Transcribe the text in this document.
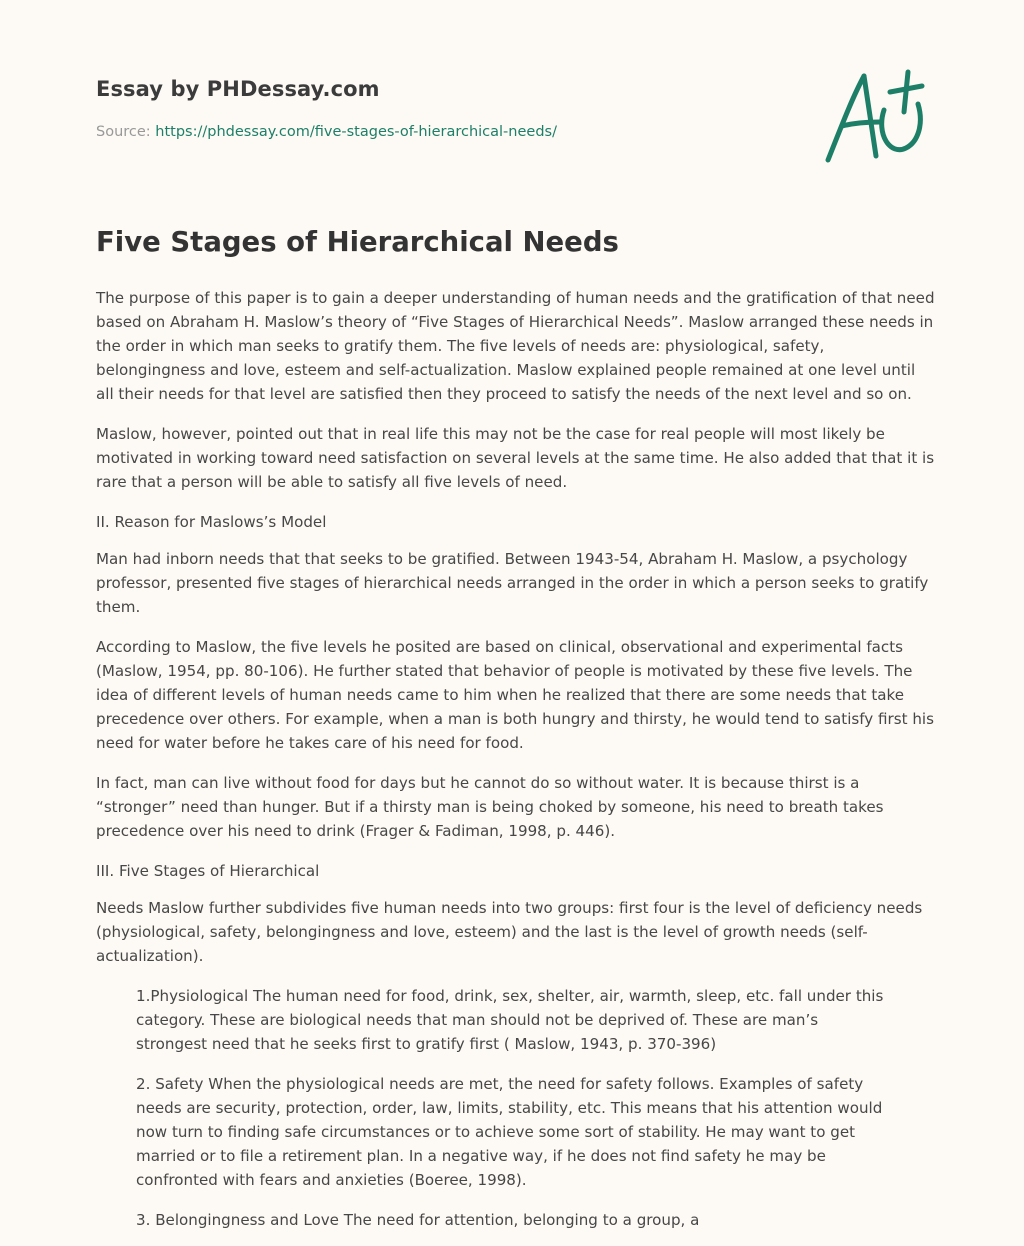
Essay by PHDessay.com
Source: https://phdessay.com/five-stages-of-hierarchical-needs/
Five Stages of Hierarchical Needs

The purpose of this paper is to gain a deeper understanding of human needs and the gratification of that need based on Abraham H. Maslow’s theory of “Five Stages of Hierarchical Needs”. Maslow arranged these needs in the order in which man seeks to gratify them. The five levels of needs are: physiological, safety, belongingness and love, esteem and self-actualization. Maslow explained people remained at one level until all their needs for that level are satisfied then they proceed to satisfy the needs of the next level and so on.

Maslow, however, pointed out that in real life this may not be the case for real people will most likely be motivated in working toward need satisfaction on several levels at the same time. He also added that that it is rare that a person will be able to satisfy all five levels of need.

II. Reason for Maslows’s Model

Man had inborn needs that that seeks to be gratified. Between 1943-54, Abraham H. Maslow, a psychology professor, presented five stages of hierarchical needs arranged in the order in which a person seeks to gratify them.

According to Maslow, the five levels he posited are based on clinical, observational and experimental facts (Maslow, 1954, pp. 80-106). He further stated that behavior of people is motivated by these five levels. The idea of different levels of human needs came to him when he realized that there are some needs that take precedence over others. For example, when a man is both hungry and thirsty, he would tend to satisfy first his need for water before he takes care of his need for food.

In fact, man can live without food for days but he cannot do so without water. It is because thirst is a “stronger” need than hunger. But if a thirsty man is being choked by someone, his need to breath takes precedence over his need to drink (Frager & Fadiman, 1998, p. 446).

III. Five Stages of Hierarchical

Needs Maslow further subdivides five human needs into two groups: first four is the level of deficiency needs (physiological, safety, belongingness and love, esteem) and the last is the level of growth needs (self-actualization).

1.Physiological The human need for food, drink, sex, shelter, air, warmth, sleep, etc. fall under this category. These are biological needs that man should not be deprived of. These are man’s strongest need that he seeks first to gratify first ( Maslow, 1943, p. 370-396)

2. Safety When the physiological needs are met, the need for safety follows. Examples of safety needs are security, protection, order, law, limits, stability, etc. This means that his attention would now turn to finding safe circumstances or to achieve some sort of stability. He may want to get married or to file a retirement plan. In a negative way, if he does not find safety he may be confronted with fears and anxieties (Boeree, 1998).

3. Belongingness and Love The need for attention, belonging to a group, a
